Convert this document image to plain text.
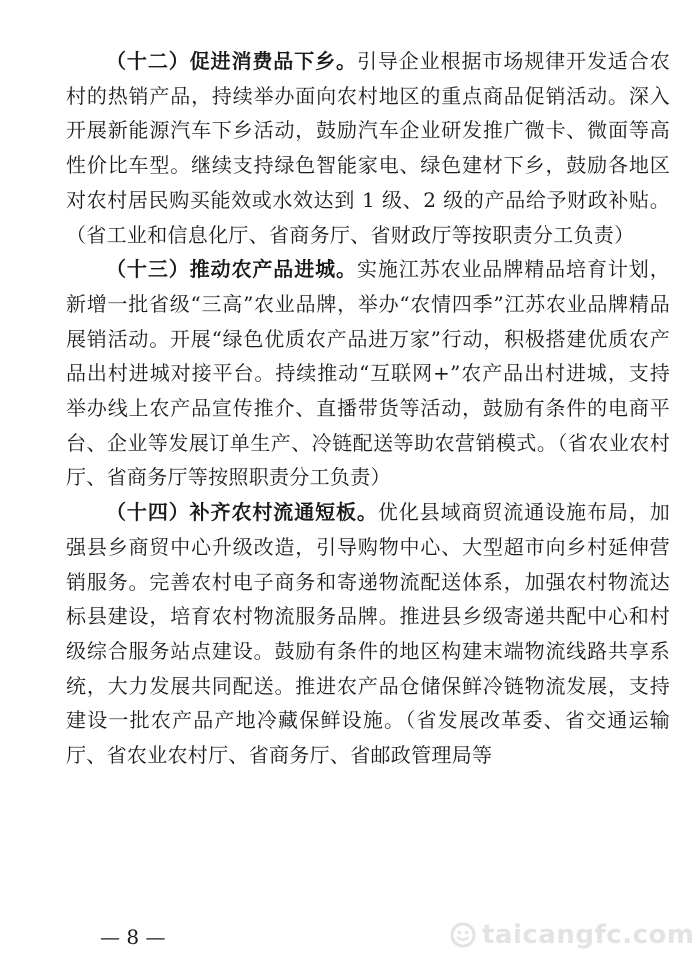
（十二）促进消费品下乡。引导企业根据市场规律开发适合农村的热销产品，持续举办面向农村地区的重点商品促销活动。深入开展新能源汽车下乡活动，鼓励汽车企业研发推广微卡、微面等高性价比车型。继续支持绿色智能家电、绿色建材下乡，鼓励各地区对农村居民购买能效或水效达到 1 级、2 级的产品给予财政补贴。（省工业和信息化厅、省商务厅、省财政厅等按职责分工负责）

（十三）推动农产品进城。实施江苏农业品牌精品培育计划，新增一批省级“三高”农业品牌，举办“农情四季”江苏农业品牌精品展销活动。开展“绿色优质农产品进万家”行动，积极搭建优质农产品出村进城对接平台。持续推动“互联网+”农产品出村进城，支持举办线上农产品宣传推介、直播带货等活动，鼓励有条件的电商平台、企业等发展订单生产、冷链配送等助农营销模式。（省农业农村厅、省商务厅等按照职责分工负责）

（十四）补齐农村流通短板。优化县域商贸流通设施布局，加强县乡商贸中心升级改造，引导购物中心、大型超市向乡村延伸营销服务。完善农村电子商务和寄递物流配送体系，加强农村物流达标县建设，培育农村物流服务品牌。推进县乡级寄递共配中心和村级综合服务站点建设。鼓励有条件的地区构建末端物流线路共享系统，大力发展共同配送。推进农产品仓储保鲜冷链物流发展，支持建设一批农产品产地冷藏保鲜设施。（省发展改革委、省交通运输厅、省农业农村厅、省商务厅、省邮政管理局等

— 8 —	taicangfc.com
